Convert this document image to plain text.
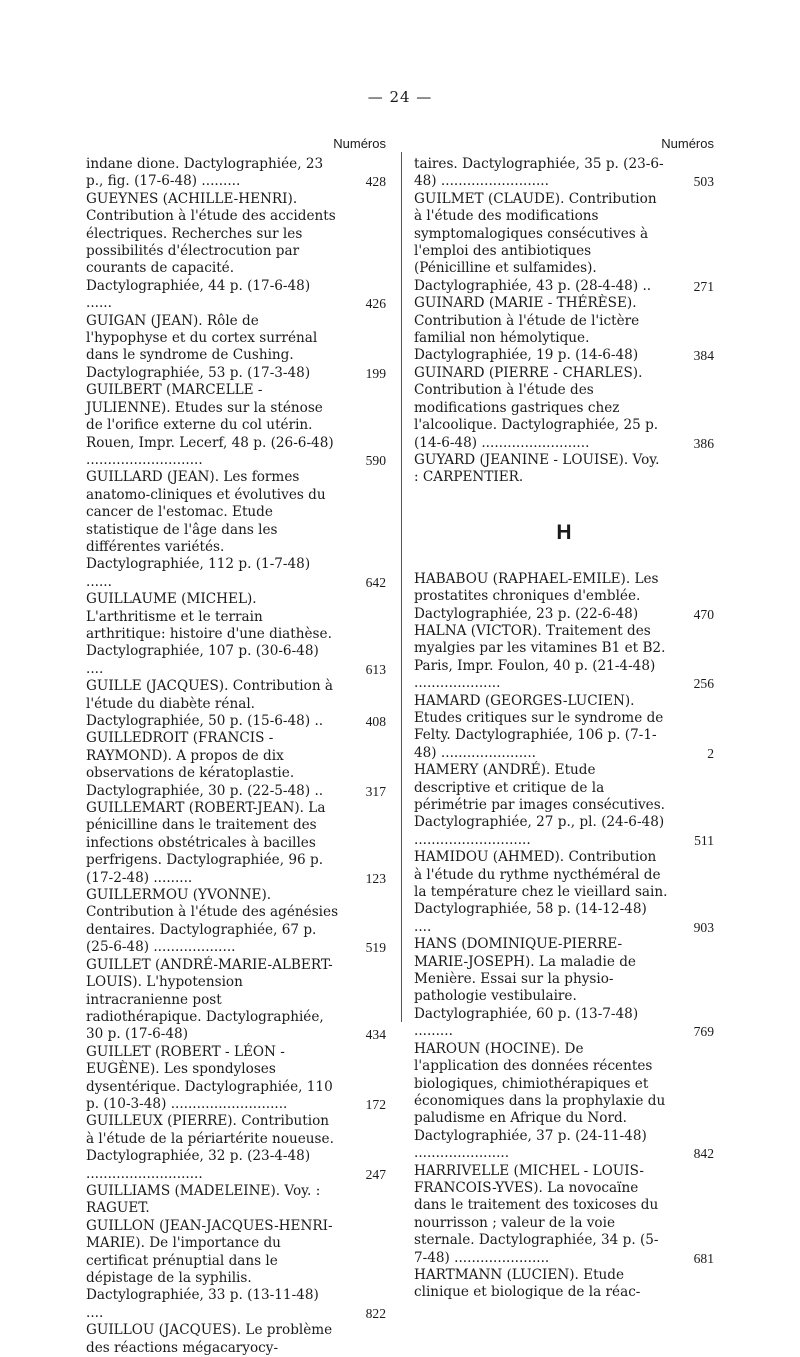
— 24 —
Numéros
indane dione. Dactylographiée, 23 p., fig. (17-6-48) .........	428
GUEYNES (ACHILLE-HENRI). Contribution à l'étude des accidents électriques. Recherches sur les possibilités d'électrocution par courants de capacité. Dactylographiée, 44 p. (17-6-48) ......	426
GUIGAN (JEAN). Rôle de l'hypophyse et du cortex surrénal dans le syndrome de Cushing. Dactylographiée, 53 p. (17-3-48)	199
GUILBERT (MARCELLE - JULIENNE). Etudes sur la sténose de l'orifice externe du col utérin. Rouen, Impr. Lecerf, 48 p. (26-6-48) ...........................	590
GUILLARD (JEAN). Les formes anatomo-cliniques et évolutives du cancer de l'estomac. Etude statistique de l'âge dans les différentes variétés. Dactylographiée, 112 p. (1-7-48) ......	642
GUILLAUME (MICHEL). L'arthritisme et le terrain arthritique: histoire d'une diathèse. Dactylographiée, 107 p. (30-6-48) ....	613
GUILLE (JACQUES). Contribution à l'étude du diabète rénal. Dactylographiée, 50 p. (15-6-48) ..	408
GUILLEDROIT (FRANCIS - RAYMOND). A propos de dix observations de kératoplastie. Dactylographiée, 30 p. (22-5-48) ..	317
GUILLEMART (ROBERT-JEAN). La pénicilline dans le traitement des infections obstétricales à bacilles perfrigens. Dactylographiée, 96 p. (17-2-48) .........	123
GUILLERMOU (YVONNE). Contribution à l'étude des agénésies dentaires. Dactylographiée, 67 p. (25-6-48) ...................	519
GUILLET (ANDRÉ-MARIE-ALBERT-LOUIS). L'hypotension intracranienne post radiothérapique. Dactylographiée, 30 p. (17-6-48)	434
GUILLET (ROBERT - LÉON - EUGÈNE). Les spondyloses dysentérique. Dactylographiée, 110 p. (10-3-48) ...........................	172
GUILLEUX (PIERRE). Contribution à l'étude de la périartérite noueuse. Dactylographiée, 32 p. (23-4-48) ...........................	247
GUILLIAMS (MADELEINE). Voy. : RAGUET.
GUILLON (JEAN-JACQUES-HENRI-MARIE). De l'importance du certificat prénuptial dans le dépistage de la syphilis. Dactylographiée, 33 p. (13-11-48) ....	822
GUILLOU (JACQUES). Le problème des réactions mégacaryocy-
Numéros
taires. Dactylographiée, 35 p. (23-6-48) .........................	503
GUILMET (CLAUDE). Contribution à l'étude des modifications symptomalogiques consécutives à l'emploi des antibiotiques (Pénicilline et sulfamides). Dactylographiée, 43 p. (28-4-48) ..	271
GUINARD (MARIE - THÉRÈSE). Contribution à l'étude de l'ictère familial non hémolytique. Dactylographiée, 19 p. (14-6-48)	384
GUINARD (PIERRE - CHARLES). Contribution à l'étude des modifications gastriques chez l'alcoolique. Dactylographiée, 25 p. (14-6-48) .........................	386
GUYARD (JEANINE - LOUISE). Voy. : CARPENTIER.
H
HABABOU (RAPHAEL-EMILE). Les prostatites chroniques d'emblée. Dactylographiée, 23 p. (22-6-48)	470
HALNA (VICTOR). Traitement des myalgies par les vitamines B1 et B2. Paris, Impr. Foulon, 40 p. (21-4-48) ....................	256
HAMARD (GEORGES-LUCIEN). Etudes critiques sur le syndrome de Felty. Dactylographiée, 106 p. (7-1-48) ......................	2
HAMERY (ANDRÉ). Etude descriptive et critique de la périmétrie par images consécutives. Dactylographiée, 27 p., pl. (24-6-48) ...........................	511
HAMIDOU (AHMED). Contribution à l'étude du rythme nycthéméral de la température chez le vieillard sain. Dactylographiée, 58 p. (14-12-48) ....	903
HANS (DOMINIQUE-PIERRE-MARIE-JOSEPH). La maladie de Menière. Essai sur la physio-pathologie vestibulaire. Dactylographiée, 60 p. (13-7-48) .........	769
HAROUN (HOCINE). De l'application des données récentes biologiques, chimiothérapiques et économiques dans la prophylaxie du paludisme en Afrique du Nord. Dactylographiée, 37 p. (24-11-48) ......................	842
HARRIVELLE (MICHEL - LOUIS-FRANCOIS-YVES). La novocaïne dans le traitement des toxicoses du nourrisson ; valeur de la voie sternale. Dactylographiée, 34 p. (5-7-48) ......................	681
HARTMANN (LUCIEN). Etude clinique et biologique de la réac-
